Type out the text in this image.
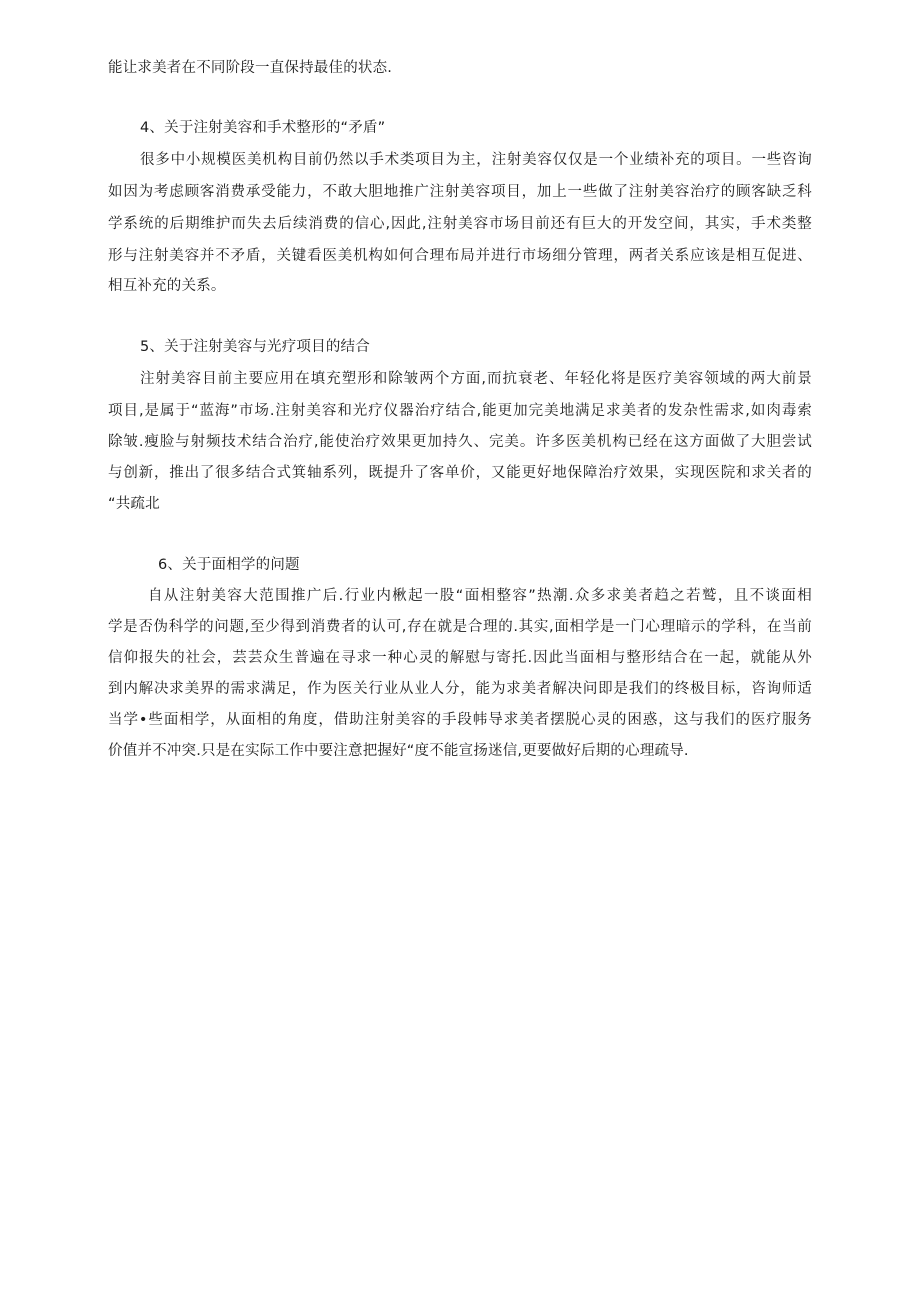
能让求美者在不同阶段一直保持最佳的状态.
4、关于注射美容和手术整形的“矛盾”
很多中小规模医美机构目前仍然以手术类项目为主，注射美容仅仅是一个业绩补充的项目。一些咨询
如因为考虑顾客消费承受能力，不敢大胆地推广注射美容项目，加上一些做了注射美容治疗的顾客缺乏科
学系统的后期维护而失去后续消费的信心,因此,注射美容市场目前还有巨大的开发空间，其实，手术类整
形与注射美容并不矛盾，关键看医美机构如何合理布局并进行市场细分管理，两者关系应该是相互促进、
相互补充的关系。
5、关于注射美容与光疗项目的结合
注射美容目前主要应用在填充塑形和除皱两个方面,而抗衰老、年轻化将是医疗美容领域的两大前景
项目,是属于“蓝海”市场.注射美容和光疗仪器治疗结合,能更加完美地满足求美者的发杂性需求,如肉毒索
除皱.瘦脸与射频技术结合治疗,能使治疗效果更加持久、完美。许多医美机构已经在这方面做了大胆尝试
与创新，推出了很多结合式箕轴系列，既提升了客单价，又能更好地保障治疗效果，实现医院和求关者的
“共疏北
6、关于面相学的问题
自从注射美容大范围推广后.行业内楸起一股“面相整容”热潮.众多求美者趋之若鹫，且不谈面相
学是否伪科学的问题,至少得到消费者的认可,存在就是合理的.其实,面相学是一门心理暗示的学科，在当前
信仰报失的社会，芸芸众生普遍在寻求一种心灵的解慰与寄托.因此当面相与整形结合在一起，就能从外
到内解决求美界的需求满足，作为医关行业从业人分，能为求美者解决问即是我们的终极目标，咨询师适
当学•些面相学，从面相的角度，借助注射美容的手段帏导求美者摆脱心灵的困惑，这与我们的医疗服务
价值并不冲突.只是在实际工作中要注意把握好“度不能宣扬迷信,更要做好后期的心理疏导.
